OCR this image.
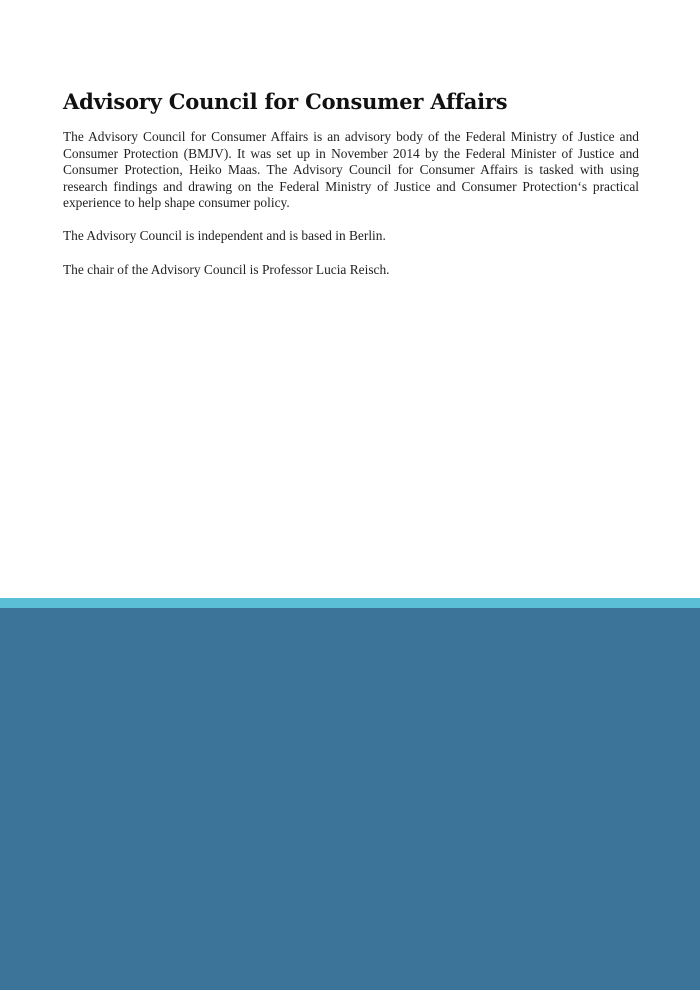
Advisory Council for Consumer Affairs

The Advisory Council for Consumer Affairs is an advisory body of the Federal Ministry of Justice and Consumer Protection (BMJV). It was set up in November 2014 by the Federal Minister of Justice and Consumer Protection, Heiko Maas. The Advisory Council for Consumer Affairs is tasked with using research findings and drawing on the Federal Ministry of Justice and Consumer Protection‘s practical experience to help shape consumer policy.

The Advisory Council is independent and is based in Berlin.

The chair of the Advisory Council is Professor Lucia Reisch.
